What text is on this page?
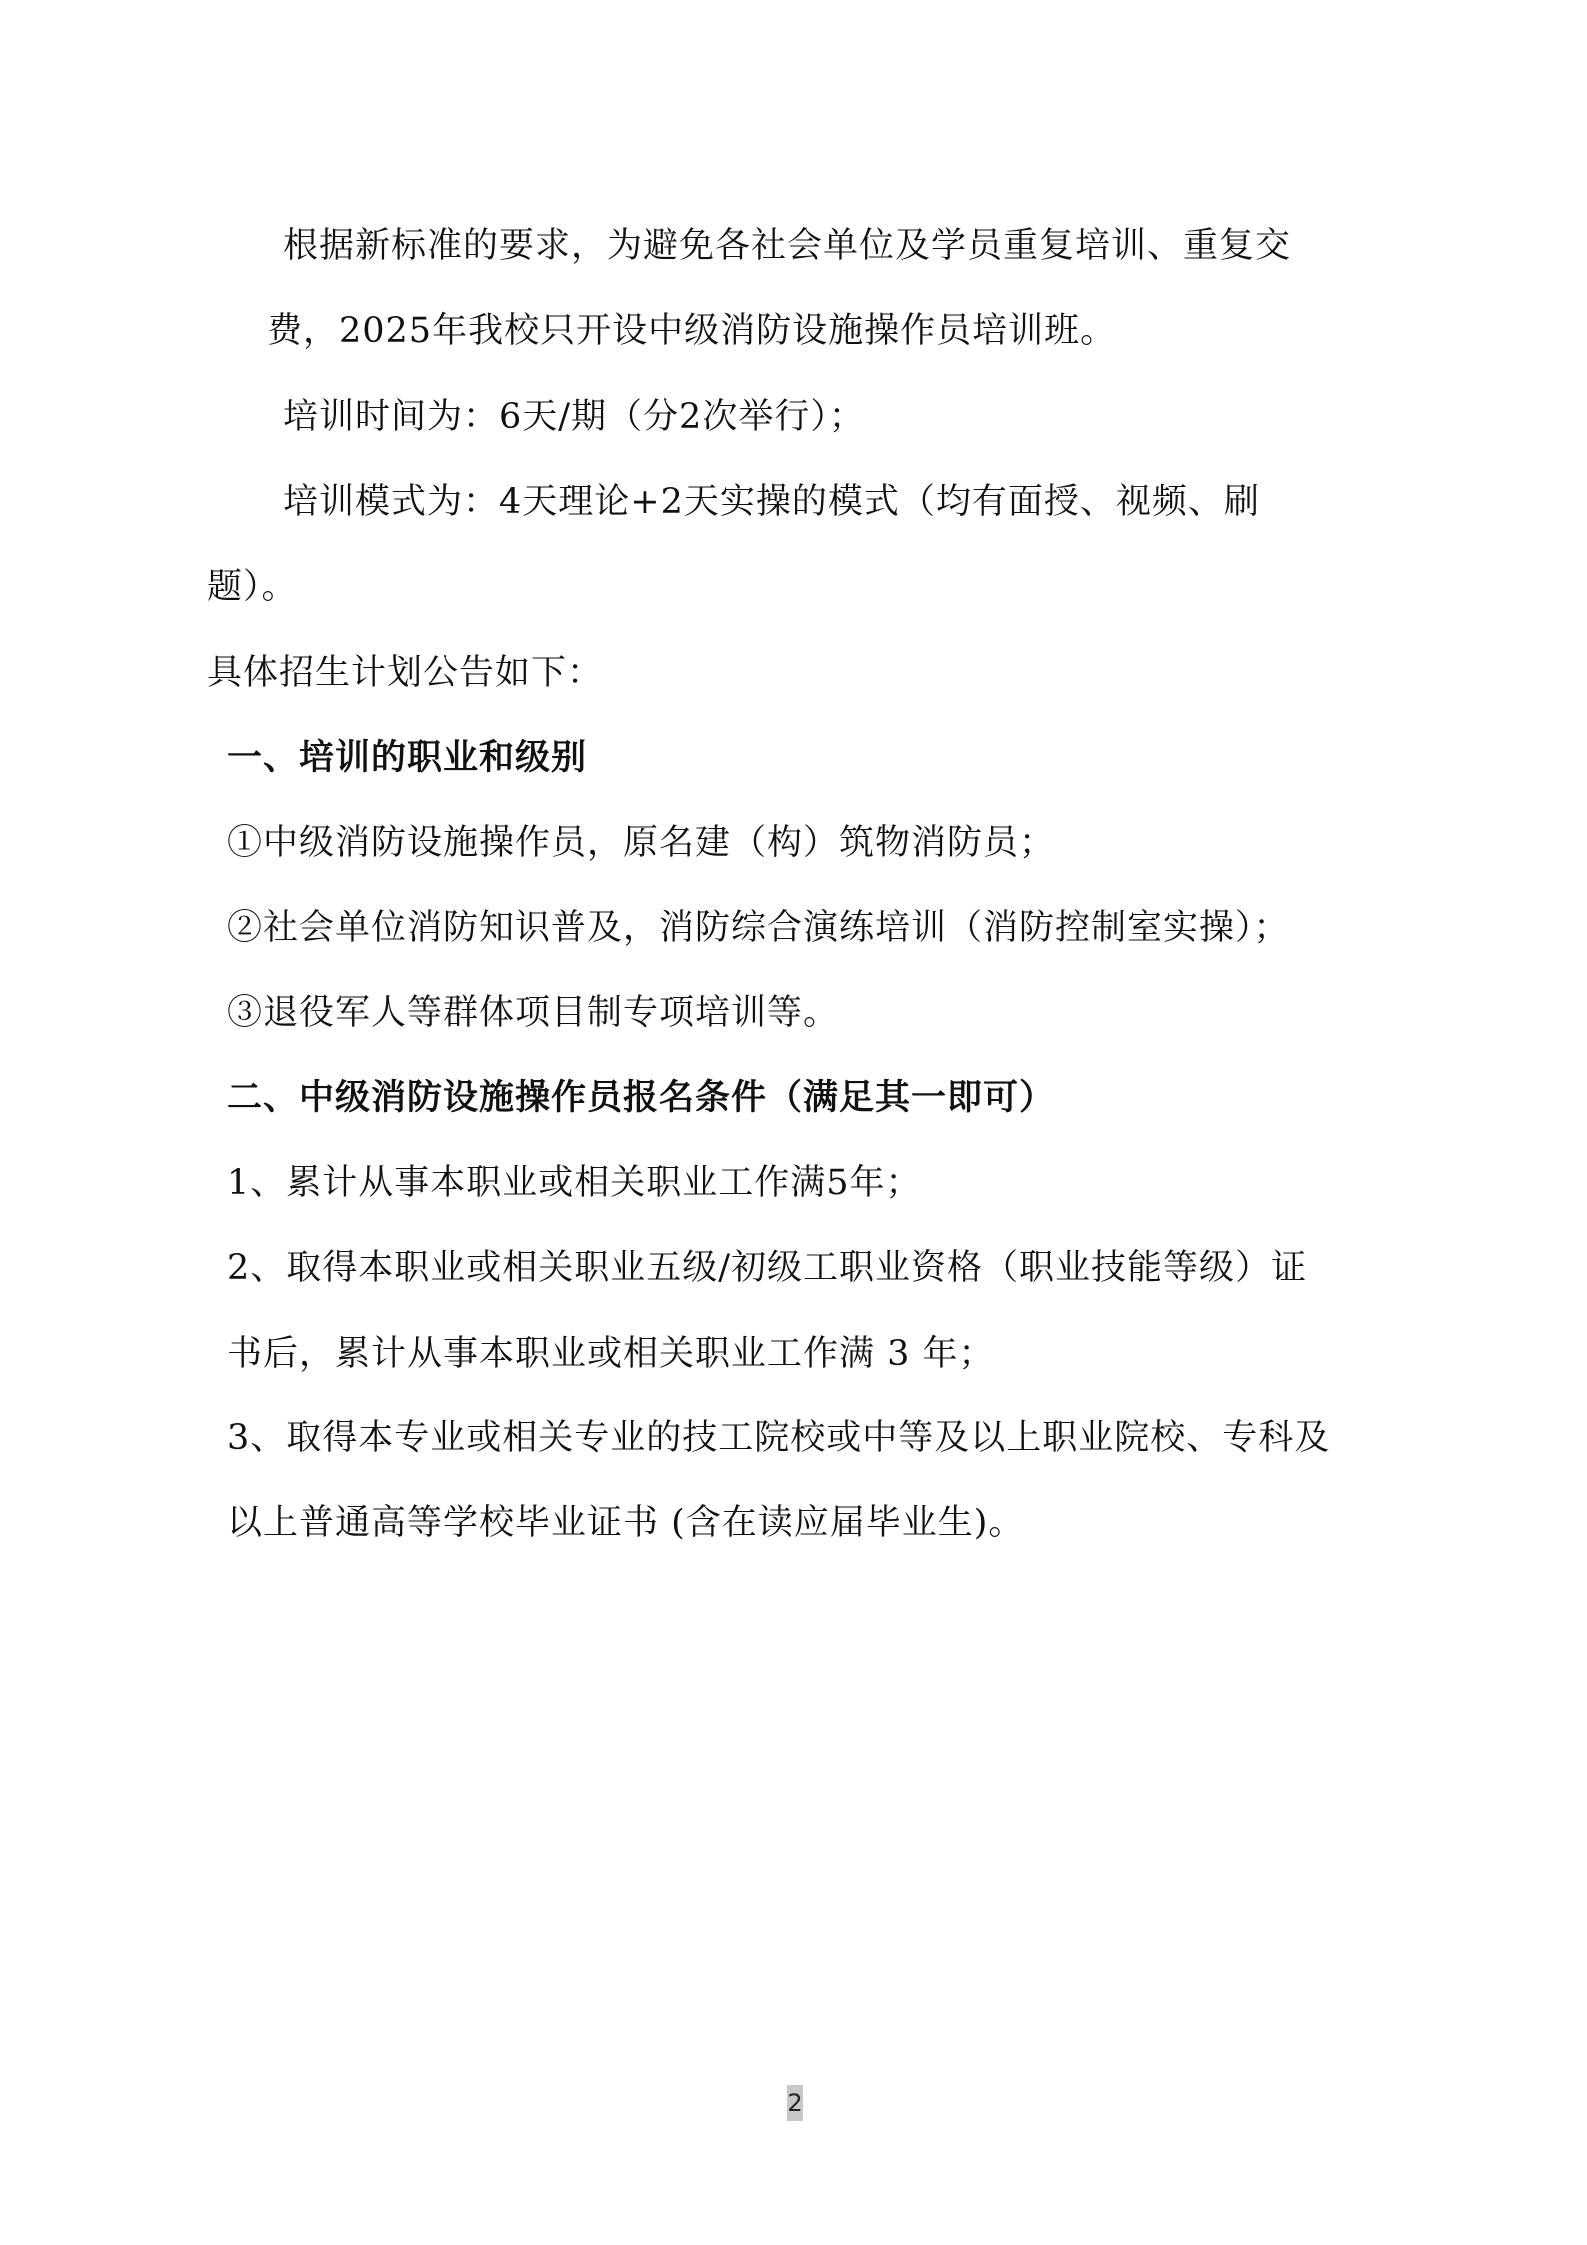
根据新标准的要求，为避免各社会单位及学员重复培训、重复交
费，2025年我校只开设中级消防设施操作员培训班。
培训时间为：6天/期（分2次举行）；
培训模式为：4天理论+2天实操的模式（均有面授、视频、刷
题）。
具体招生计划公告如下：
一、培训的职业和级别
①中级消防设施操作员，原名建（构）筑物消防员；
②社会单位消防知识普及，消防综合演练培训（消防控制室实操）；
③退役军人等群体项目制专项培训等。
二、中级消防设施操作员报名条件（满足其一即可）
1、累计从事本职业或相关职业工作满5年；
2、取得本职业或相关职业五级/初级工职业资格（职业技能等级）证
书后，累计从事本职业或相关职业工作满 3 年；
3、取得本专业或相关专业的技工院校或中等及以上职业院校、专科及
以上普通高等学校毕业证书 (含在读应届毕业生)。
2
